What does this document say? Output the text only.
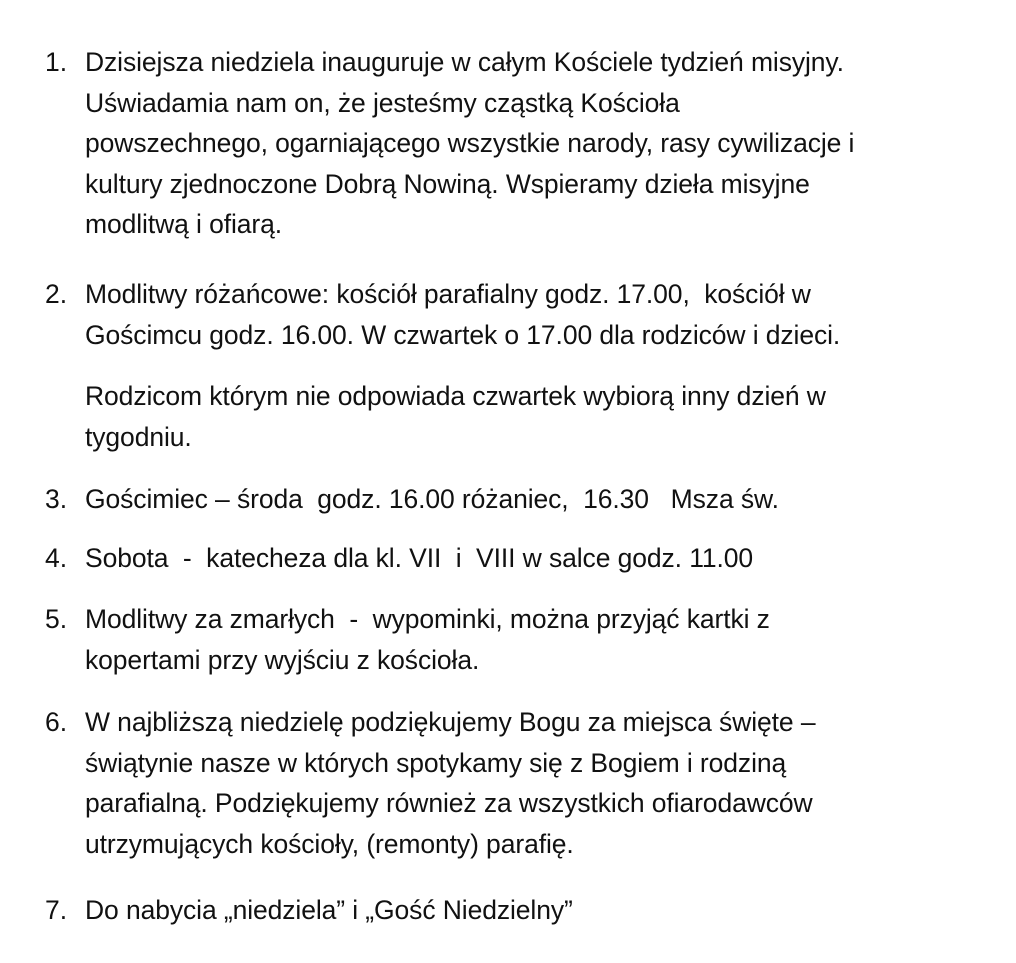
1. Dzisiejsza niedziela inauguruje w całym Kościele tydzień misyjny.
Uświadamia nam on, że jesteśmy cząstką Kościoła
powszechnego, ogarniającego wszystkie narody, rasy cywilizacje i
kultury zjednoczone Dobrą Nowiną. Wspieramy dzieła misyjne
modlitwą i ofiarą.
2. Modlitwy różańcowe: kościół parafialny godz. 17.00,  kościół w
Gościmcu godz. 16.00. W czwartek o 17.00 dla rodziców i dzieci.
Rodzicom którym nie odpowiada czwartek wybiorą inny dzień w
tygodniu.
3. Gościmiec – środa  godz. 16.00 różaniec,  16.30   Msza św.
4. Sobota  -  katecheza dla kl. VII  i  VIII w salce godz. 11.00
5. Modlitwy za zmarłych  -  wypominki, można przyjąć kartki z
kopertami przy wyjściu z kościoła.
6. W najbliższą niedzielę podziękujemy Bogu za miejsca święte –
świątynie nasze w których spotykamy się z Bogiem i rodziną
parafialną. Podziękujemy również za wszystkich ofiarodawców
utrzymujących kościoły, (remonty) parafię.
7. Do nabycia „niedziela” i „Gość Niedzielny”
